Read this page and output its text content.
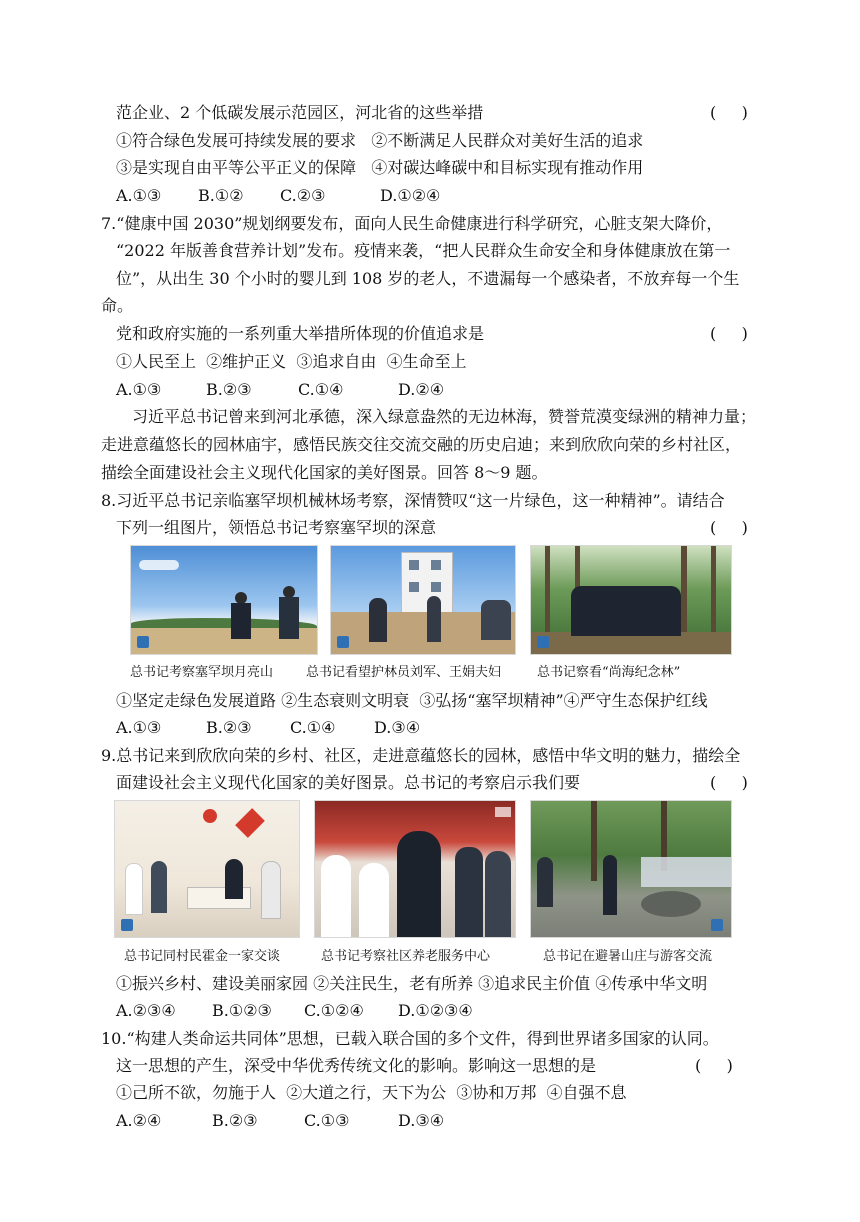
范企业、2 个低碳发展示范园区，河北省的这些举措	(     )
①符合绿色发展可持续发展的要求   ②不断满足人民群众对美好生活的追求
③是实现自由平等公平正义的保障   ④对碳达峰碳中和目标实现有推动作用
A.①③ B.①② C.②③	D.①②④
7.“健康中国 2030”规划纲要发布，面向人民生命健康进行科学研究，心脏支架大降价，
“2022 年版善食营养计划”发布。疫情来袭，“把人民群众生命安全和身体健康放在第一
位”，从出生 30 个小时的婴儿到 108 岁的老人，不遗漏每一个感染者，不放弃每一个生
命。
党和政府实施的一系列重大举措所体现的价值追求是	(     )
①人民至上  ②维护正义  ③追求自由  ④生命至上
A.①③	B.②③	C.①④	D.②④
习近平总书记曾来到河北承德，深入绿意盎然的无边林海，赞誉荒漠变绿洲的精神力量；
走进意蕴悠长的园林庙宇，感悟民族交往交流交融的历史启迪；来到欣欣向荣的乡村社区，
描绘全面建设社会主义现代化国家的美好图景。回答 8～9 题。
8.习近平总书记亲临塞罕坝机械林场考察，深情赞叹“这一片绿色，这一种精神”。请结合
下列一组图片，领悟总书记考察塞罕坝的深意	(     )
总书记考察塞罕坝月亮山	总书记看望护林员刘军、王娟夫妇	总书记察看“尚海纪念林”
①坚定走绿色发展道路 ②生态衰则文明衰  ③弘扬“塞罕坝精神”④严守生态保护红线
A.①③	B.②③ C.①④ D.③④
9.总书记来到欣欣向荣的乡村、社区，走进意蕴悠长的园林，感悟中华文明的魅力，描绘全
面建设社会主义现代化国家的美好图景。总书记的考察启示我们要	(     )
总书记同村民霍金一家交谈	总书记考察社区养老服务中心	总书记在避暑山庄与游客交流
①振兴乡村、建设美丽家园 ②关注民生，老有所养 ③追求民主价值 ④传承中华文明
A.②③④ B.①②③ C.①②④ D.①②③④
10.“构建人类命运共同体”思想，已载入联合国的多个文件，得到世界诸多国家的认同。
这一思想的产生，深受中华优秀传统文化的影响。影响这一思想的是	(     )
①己所不欲，勿施于人  ②大道之行，天下为公  ③协和万邦  ④自强不息
A.②④	B.②③	C.①③	D.③④
